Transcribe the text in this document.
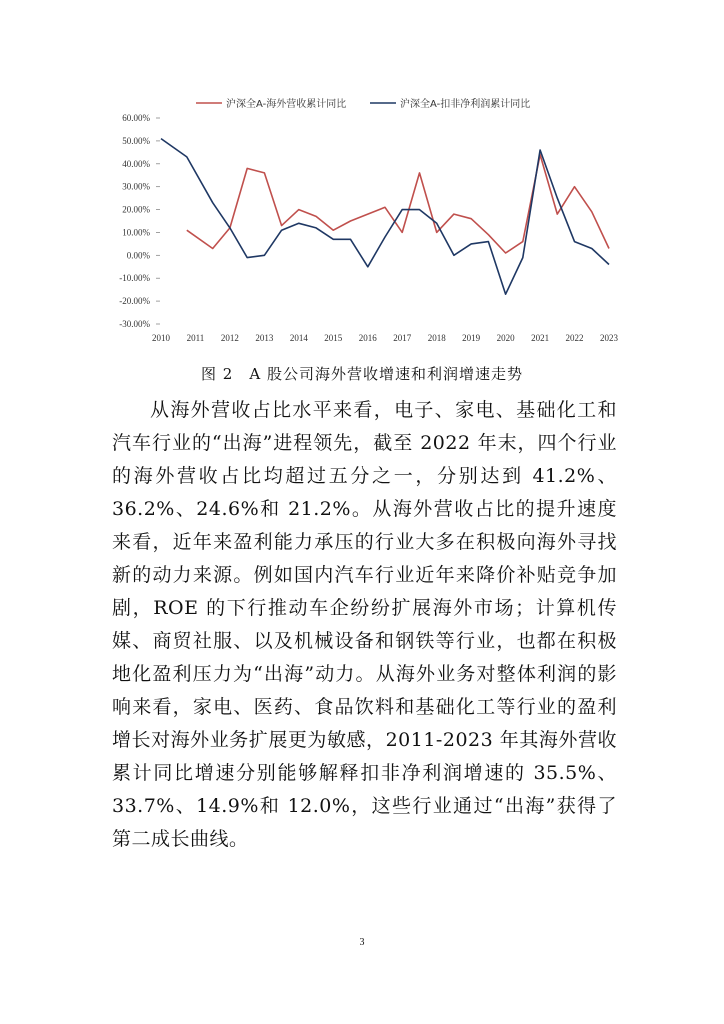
沪深全A-海外营收累计同比	沪深全A-扣非净利润累计同比
60.00%
50.00%
40.00%
30.00%
20.00%
10.00%
0.00%
-10.00%
-20.00%
-30.00%
2010 2011 2012 2013 2014 2015 2016 2017 2018 2019 2020 2021 2022 2023
图 2　A 股公司海外营收增速和利润增速走势

从海外营收占比水平来看，电子、家电、基础化工和汽车行业的“出海”进程领先，截至 2022 年末，四个行业的海外营收占比均超过五分之一，分别达到 41.2%、36.2%、24.6%和 21.2%。从海外营收占比的提升速度来看，近年来盈利能力承压的行业大多在积极向海外寻找新的动力来源。例如国内汽车行业近年来降价补贴竞争加剧，ROE 的下行推动车企纷纷扩展海外市场；计算机传媒、商贸社服、以及机械设备和钢铁等行业，也都在积极地化盈利压力为“出海”动力。从海外业务对整体利润的影响来看，家电、医药、食品饮料和基础化工等行业的盈利增长对海外业务扩展更为敏感，2011-2023 年其海外营收累计同比增速分别能够解释扣非净利润增速的 35.5%、33.7%、14.9%和 12.0%，这些行业通过“出海”获得了第二成长曲线。

3
